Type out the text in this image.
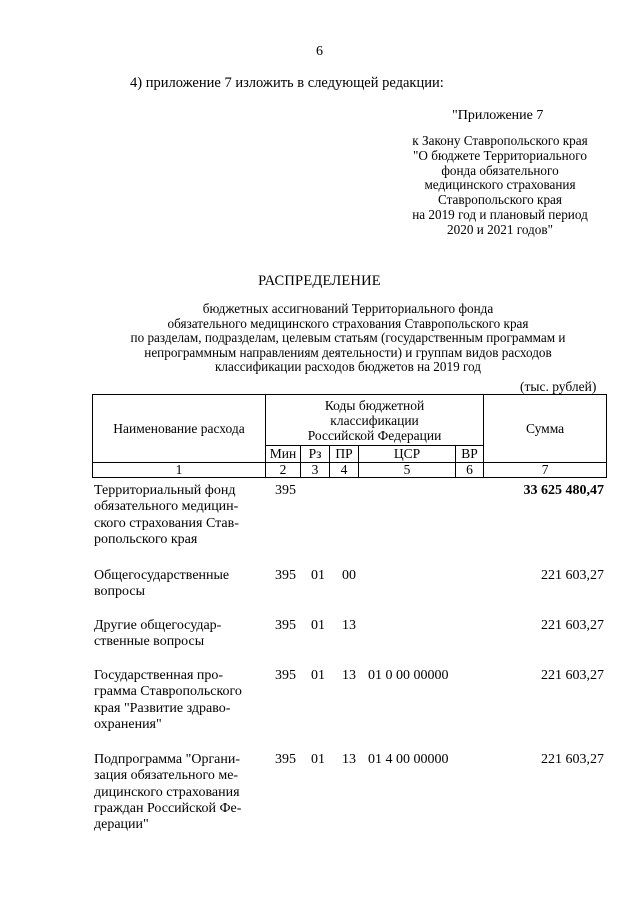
6
4) приложение 7 изложить в следующей редакции:
"Приложение 7
к Закону Ставропольского края
"О бюджете Территориального
фонда обязательного
медицинского страхования
Ставропольского края
на 2019 год и плановый период
2020 и 2021 годов"
РАСПРЕДЕЛЕНИЕ
бюджетных ассигнований Территориального фонда
обязательного медицинского страхования Ставропольского края
по разделам, подразделам, целевым статьям (государственным программам и
непрограммным направлениям деятельности) и группам видов расходов
классификации расходов бюджетов на 2019 год
(тыс. рублей)
Наименование расхода	Коды бюджетной
классификации
Российской Федерации					Сумма
	Мин	Рз	ПР	ЦСР	ВР	
1	2	3	4	5	6	7
Территориальный фонд
обязательного медицин-
ского страхования Став-
ропольского края
395	33 625 480,47
Общегосударственные
вопросы
395 01 00	221 603,27
Другие общегосудар-
ственные вопросы
395 01 13	221 603,27
Государственная про-
грамма Ставропольского
края "Развитие здраво-
охранения"
395 01 13 01 0 00 00000	221 603,27
Подпрограмма "Органи-
зация обязательного ме-
дицинского страхования
граждан Российской Фе-
дерации"
395 01 13 01 4 00 00000	221 603,27
